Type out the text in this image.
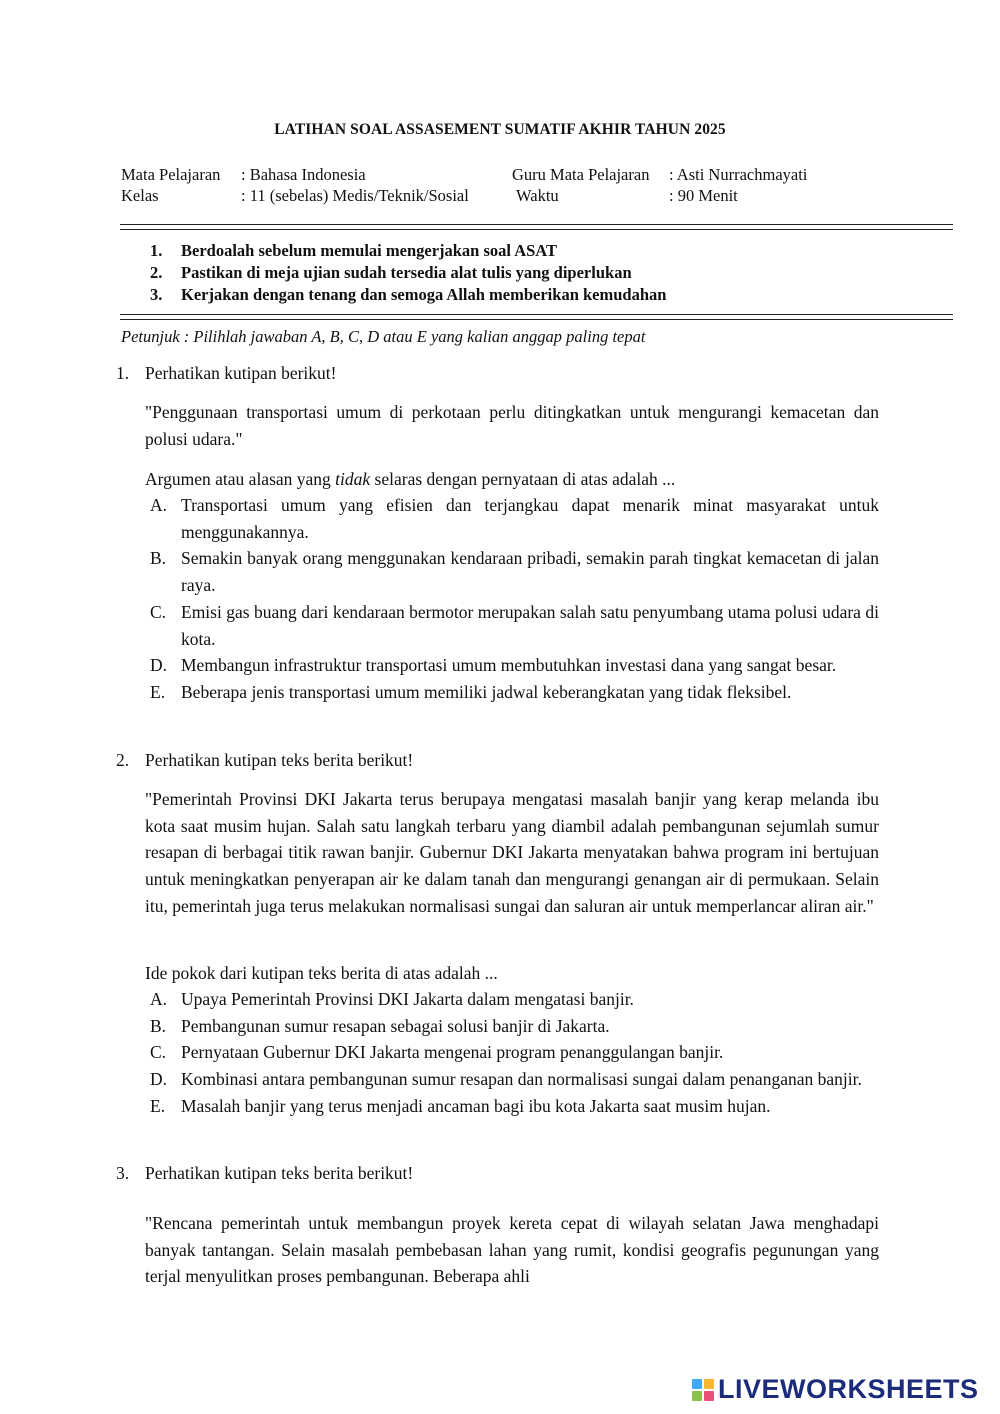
LATIHAN SOAL ASSASEMENT SUMATIF AKHIR TAHUN 2025
Mata Pelajaran : Bahasa Indonesia	Guru Mata Pelajaran : Asti Nurrachmayati
Kelas	: 11 (sebelas) Medis/Teknik/Sosial	Waktu	: 90 Menit
1.	Berdoalah sebelum memulai mengerjakan soal ASAT
2.	Pastikan di meja ujian sudah tersedia alat tulis yang diperlukan
3.	Kerjakan dengan tenang dan semoga Allah memberikan kemudahan
Petunjuk : Pilihlah jawaban A, B, C, D atau E yang kalian anggap paling tepat
1. Perhatikan kutipan berikut!

"Penggunaan transportasi umum di perkotaan perlu ditingkatkan untuk mengurangi kemacetan dan polusi udara."

Argumen atau alasan yang tidak selaras dengan pernyataan di atas adalah ...
A. Transportasi umum yang efisien dan terjangkau dapat menarik minat masyarakat untuk menggunakannya.
B. Semakin banyak orang menggunakan kendaraan pribadi, semakin parah tingkat kemacetan di jalan raya.
C. Emisi gas buang dari kendaraan bermotor merupakan salah satu penyumbang utama polusi udara di kota.
D. Membangun infrastruktur transportasi umum membutuhkan investasi dana yang sangat besar.
E. Beberapa jenis transportasi umum memiliki jadwal keberangkatan yang tidak fleksibel.
2. Perhatikan kutipan teks berita berikut!

"Pemerintah Provinsi DKI Jakarta terus berupaya mengatasi masalah banjir yang kerap melanda ibu kota saat musim hujan. Salah satu langkah terbaru yang diambil adalah pembangunan sejumlah sumur resapan di berbagai titik rawan banjir. Gubernur DKI Jakarta menyatakan bahwa program ini bertujuan untuk meningkatkan penyerapan air ke dalam tanah dan mengurangi genangan air di permukaan. Selain itu, pemerintah juga terus melakukan normalisasi sungai dan saluran air untuk memperlancar aliran air."

Ide pokok dari kutipan teks berita di atas adalah ...
A. Upaya Pemerintah Provinsi DKI Jakarta dalam mengatasi banjir.
B. Pembangunan sumur resapan sebagai solusi banjir di Jakarta.
C. Pernyataan Gubernur DKI Jakarta mengenai program penanggulangan banjir.
D. Kombinasi antara pembangunan sumur resapan dan normalisasi sungai dalam penanganan banjir.
E. Masalah banjir yang terus menjadi ancaman bagi ibu kota Jakarta saat musim hujan.
3. Perhatikan kutipan teks berita berikut!

"Rencana pemerintah untuk membangun proyek kereta cepat di wilayah selatan Jawa menghadapi banyak tantangan. Selain masalah pembebasan lahan yang rumit, kondisi geografis pegunungan yang terjal menyulitkan proses pembangunan. Beberapa ahli

LIVEWORKSHEETS
